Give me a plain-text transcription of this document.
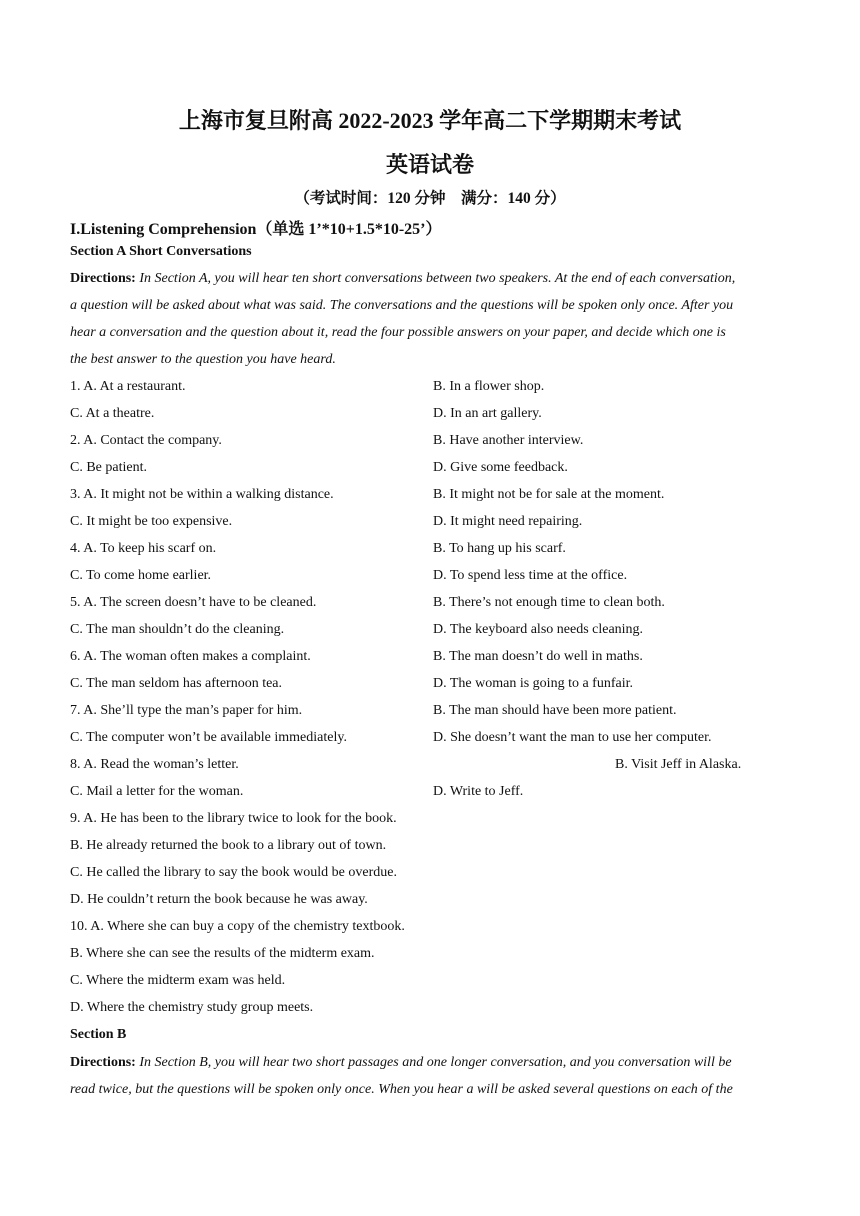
上海市复旦附高 2022-2023 学年高二下学期期末考试
英语试卷
（考试时间：120 分钟　满分：140 分）
I.Listening Comprehension（单选 1’*10+1.5*10-25’）
Section A Short Conversations
Directions: In Section A, you will hear ten short conversations between two speakers. At the end of each conversation,
a question will be asked about what was said. The conversations and the questions will be spoken only once. After you
hear a conversation and the question about it, read the four possible answers on your paper, and decide which one is
the best answer to the question you have heard.
1. A. At a restaurant.	B. In a flower shop.
C. At a theatre.	D. In an art gallery.
2. A. Contact the company.	B. Have another interview.
C. Be patient.	D. Give some feedback.
3. A. It might not be within a walking distance.	B. It might not be for sale at the moment.
C. It might be too expensive.	D. It might need repairing.
4. A. To keep his scarf on.	B. To hang up his scarf.
C. To come home earlier.	D. To spend less time at the office.
5. A. The screen doesn’t have to be cleaned.	B. There’s not enough time to clean both.
C. The man shouldn’t do the cleaning.	D. The keyboard also needs cleaning.
6. A. The woman often makes a complaint.	B. The man doesn’t do well in maths.
C. The man seldom has afternoon tea.	D. The woman is going to a funfair.
7. A. She’ll type the man’s paper for him.	B. The man should have been more patient.
C. The computer won’t be available immediately.	D. She doesn’t want the man to use her computer.
8. A. Read the woman’s letter.	B. Visit Jeff in Alaska.
C. Mail a letter for the woman.	D. Write to Jeff.
9. A. He has been to the library twice to look for the book.
B. He already returned the book to a library out of town.
C. He called the library to say the book would be overdue.
D. He couldn’t return the book because he was away.
10. A. Where she can buy a copy of the chemistry textbook.
B. Where she can see the results of the midterm exam.
C. Where the midterm exam was held.
D. Where the chemistry study group meets.
Section B
Directions: In Section B, you will hear two short passages and one longer conversation, and you conversation will be
read twice, but the questions will be spoken only once. When you hear a will be asked several questions on each of the
